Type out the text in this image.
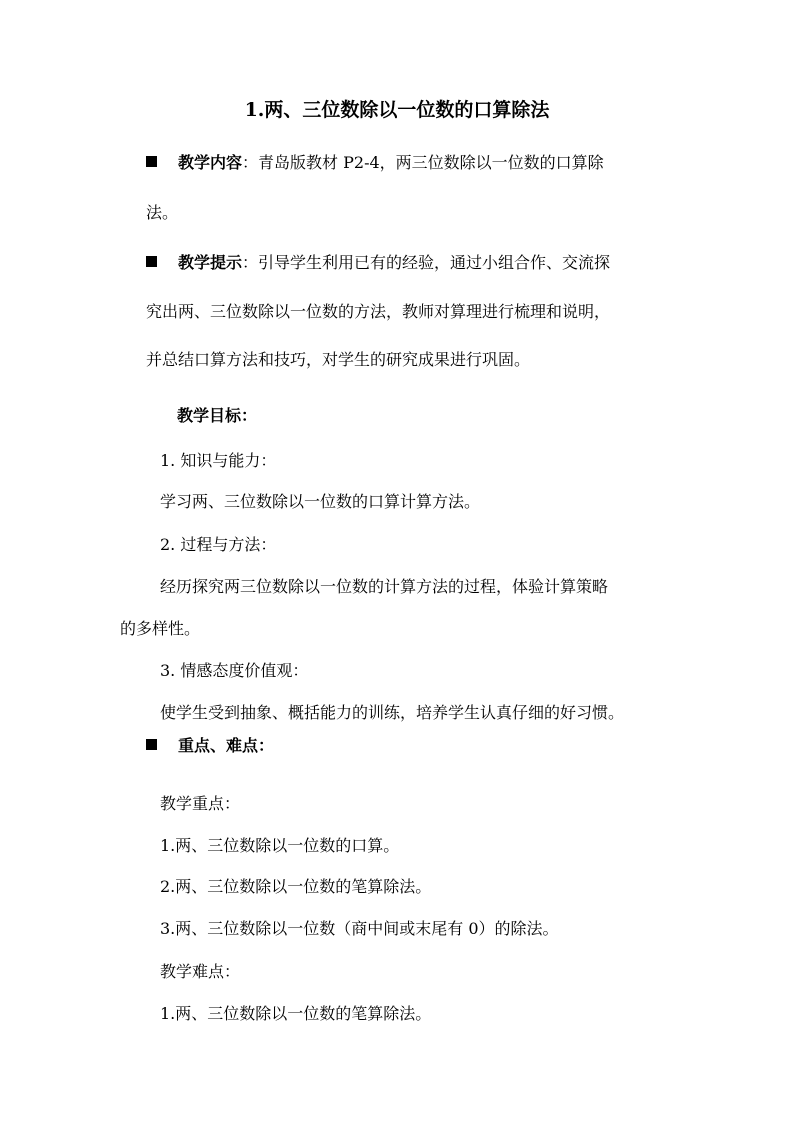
1.两、三位数除以一位数的口算除法
教学内容：青岛版教材 P2-4，两三位数除以一位数的口算除
法。
教学提示：引导学生利用已有的经验，通过小组合作、交流探
究出两、三位数除以一位数的方法，教师对算理进行梳理和说明，
并总结口算方法和技巧，对学生的研究成果进行巩固。
教学目标：
1. 知识与能力：
学习两、三位数除以一位数的口算计算方法。
2. 过程与方法：
经历探究两三位数除以一位数的计算方法的过程，体验计算策略
的多样性。
3. 情感态度价值观：
使学生受到抽象、概括能力的训练，培养学生认真仔细的好习惯。
重点、难点：
教学重点：
1.两、三位数除以一位数的口算。
2.两、三位数除以一位数的笔算除法。
3.两、三位数除以一位数（商中间或末尾有 0）的除法。
教学难点：
1.两、三位数除以一位数的笔算除法。
